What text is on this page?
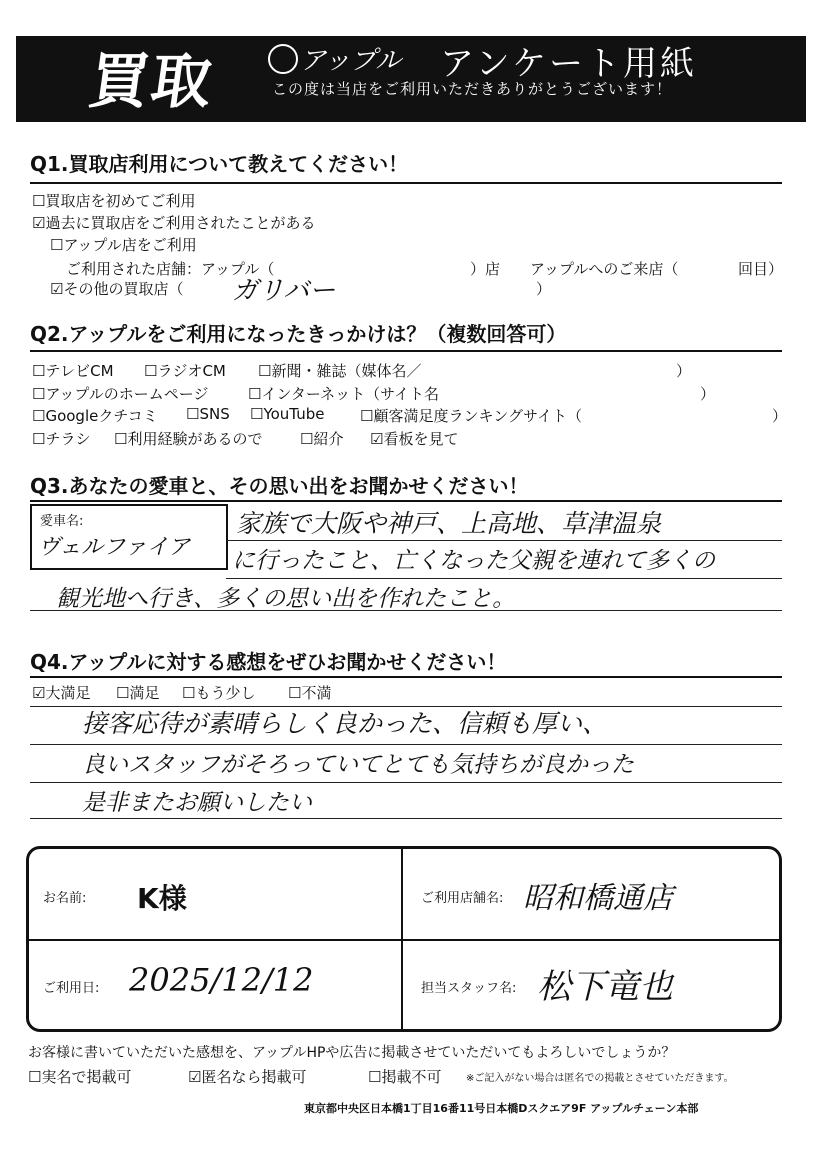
買取	アップル アンケート用紙
この度は当店をご利用いただきありがとうございます！
Q1.買取店利用について教えてください！
☐買取店を初めてご利用
☑過去に買取店をご利用されたことがある
☐アップル店をご利用
ご利用された店舗：アップル（	）店 アップルへのご来店（	回目）
☑その他の買取店（ ガリバー	）
Q2.アップルをご利用になったきっかけは？（複数回答可）
☐テレビCM ☐ラジオCM ☐新聞・雑誌（媒体名／	）
☐アップルのホームページ	☐インターネット（サイト名	）
☐Googleクチコミ ☐SNS ☐YouTube ☐顧客満足度ランキングサイト（	）
☐チラシ ☐利用経験があるので	☐紹介 ☑看板を見て
Q3.あなたの愛車と、その思い出をお聞かせください！
愛車名:
ヴェルファイア
家族で大阪や神戸、上高地、草津温泉
に行ったこと、亡くなった父親を連れて多くの
観光地へ行き、多くの思い出を作れたこと。
Q4.アップルに対する感想をぜひお聞かせください！
☑大満足 ☐満足 ☐もう少し ☐不満
接客応待が素晴らしく良かった、信頼も厚い、
良いスタッフがそろっていてとても気持ちが良かった
是非またお願いしたい
お名前: K様	ご利用店舗名: 昭和橋通店
ご利用日: 2025/12/12	担当スタッフ名: 松下竜也
お客様に書いていただいた感想を、アップルHPや広告に掲載させていただいてもよろしいでしょうか？
☐実名で掲載可	☑匿名なら掲載可	☐掲載不可 ※ご記入がない場合は匿名での掲載とさせていただきます。
東京都中央区日本橋1丁目16番11号日本橋Dスクエア9F アップルチェーン本部
